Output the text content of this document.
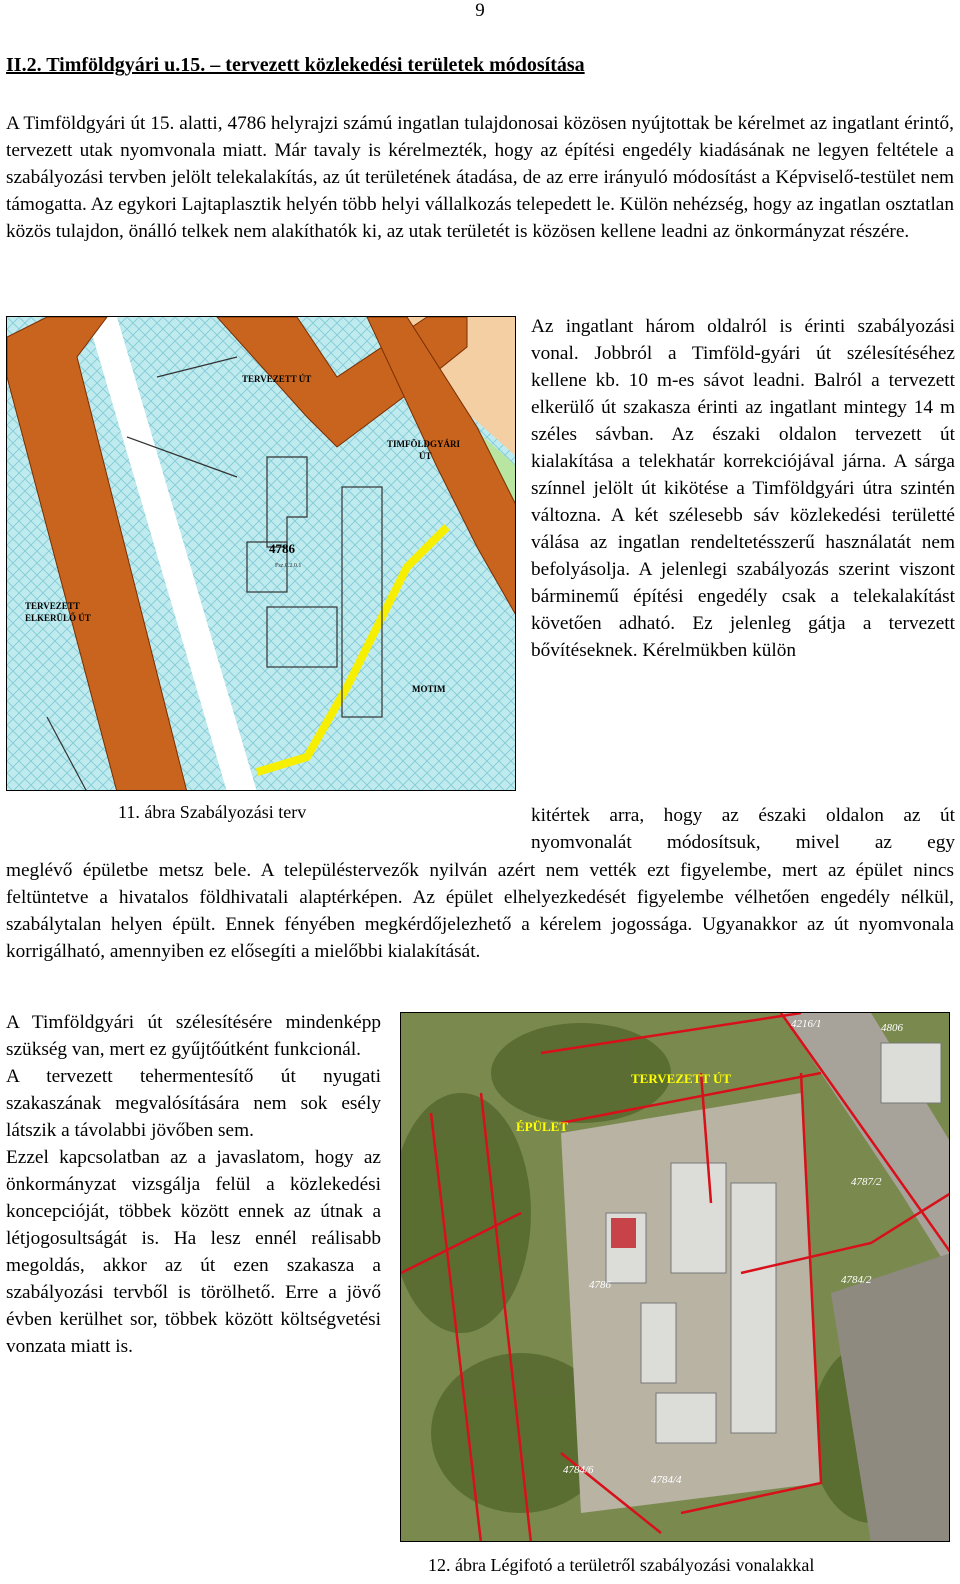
9
II.2. Timföldgyári u.15. – tervezett közlekedési területek módosítása
A Timföldgyári út 15. alatti, 4786 helyrajzi számú ingatlan tulajdonosai közösen nyújtottak be kérelmet az ingatlant érintő, tervezett utak nyomvonala miatt. Már tavaly is kérelmezték, hogy az építési engedély kiadásának ne legyen feltétele a szabályozási tervben jelölt telekalakítás, az út területének átadása, de az erre irányuló módosítást a Képviselő-testület nem támogatta. Az egykori Lajtaplasztik helyén több helyi vállalkozás telepedett le. Külön nehézség, hogy az ingatlan osztatlan közös tulajdon, önálló telkek nem alakíthatók ki, az utak területét is közösen kellene leadni az önkormányzat részére.
TERVEZETT ÚT
TIMFÖLDGYÁRI
ÚT
4786
Fsz.0.2.0.1
TERVEZETT
ELKERÜLŐ ÚT
MOTIM
Az ingatlant három oldalról is érinti szabályozási vonal. Jobbról a Timföld-gyári út szélesítéséhez kellene kb. 10 m-es sávot leadni. Balról a tervezett elkerülő út szakasza érinti az ingatlant mintegy 14 m széles sávban. Az északi oldalon tervezett út kialakítása a telekhatár korrekciójával járna. A sárga színnel jelölt út kikötése a Timföldgyári útra szintén változna. A két szélesebb sáv közlekedési területté válása az ingatlan rendeltetésszerű használatát nem befolyásolja. A jelenlegi szabályozás szerint viszont bárminemű építési engedély csak a telekalakítást követően adható. Ez jelenleg gátja a tervezett bővítéseknek. Kérelmükben külön
11. ábra Szabályozási terv	kitértek arra, hogy az északi oldalon az út nyomvonalát módosítsuk, mivel az egy
meglévő épületbe metsz bele. A településtervezők nyilván azért nem vették ezt figyelembe, mert az épület nincs feltüntetve a hivatalos földhivatali alaptérképen. Az épület elhelyezkedését figyelembe vélhetően engedély nélkül, szabálytalan helyen épült. Ennek fényében megkérdőjelezhető a kérelem jogossága. Ugyanakkor az út nyomvonala korrigálható, amennyiben ez elősegíti a mielőbbi kialakítását.
A Timföldgyári út szélesítésére mindenképp szükség van, mert ez gyűjtőútként funkcionál.
A tervezett tehermentesítő út nyugati szakaszának megvalósítására nem sok esély látszik a távolabbi jövőben sem.
Ezzel kapcsolatban az a javaslatom, hogy az önkormányzat vizsgálja felül a közlekedési koncepcióját, többek között ennek az útnak a létjogosultságát is. Ha lesz ennél reálisabb megoldás, akkor az út ezen szakasza a szabályozási tervből is törölhető. Erre a jövő évben kerülhet sor, többek között költségvetési vonzata miatt is.
TERVEZETT ÚT
ÉPÜLET
4787/2
4786	4784/2
4784/6
4784/4
4216/1	4806
12. ábra Légifotó a területről szabályozási vonalakkal
